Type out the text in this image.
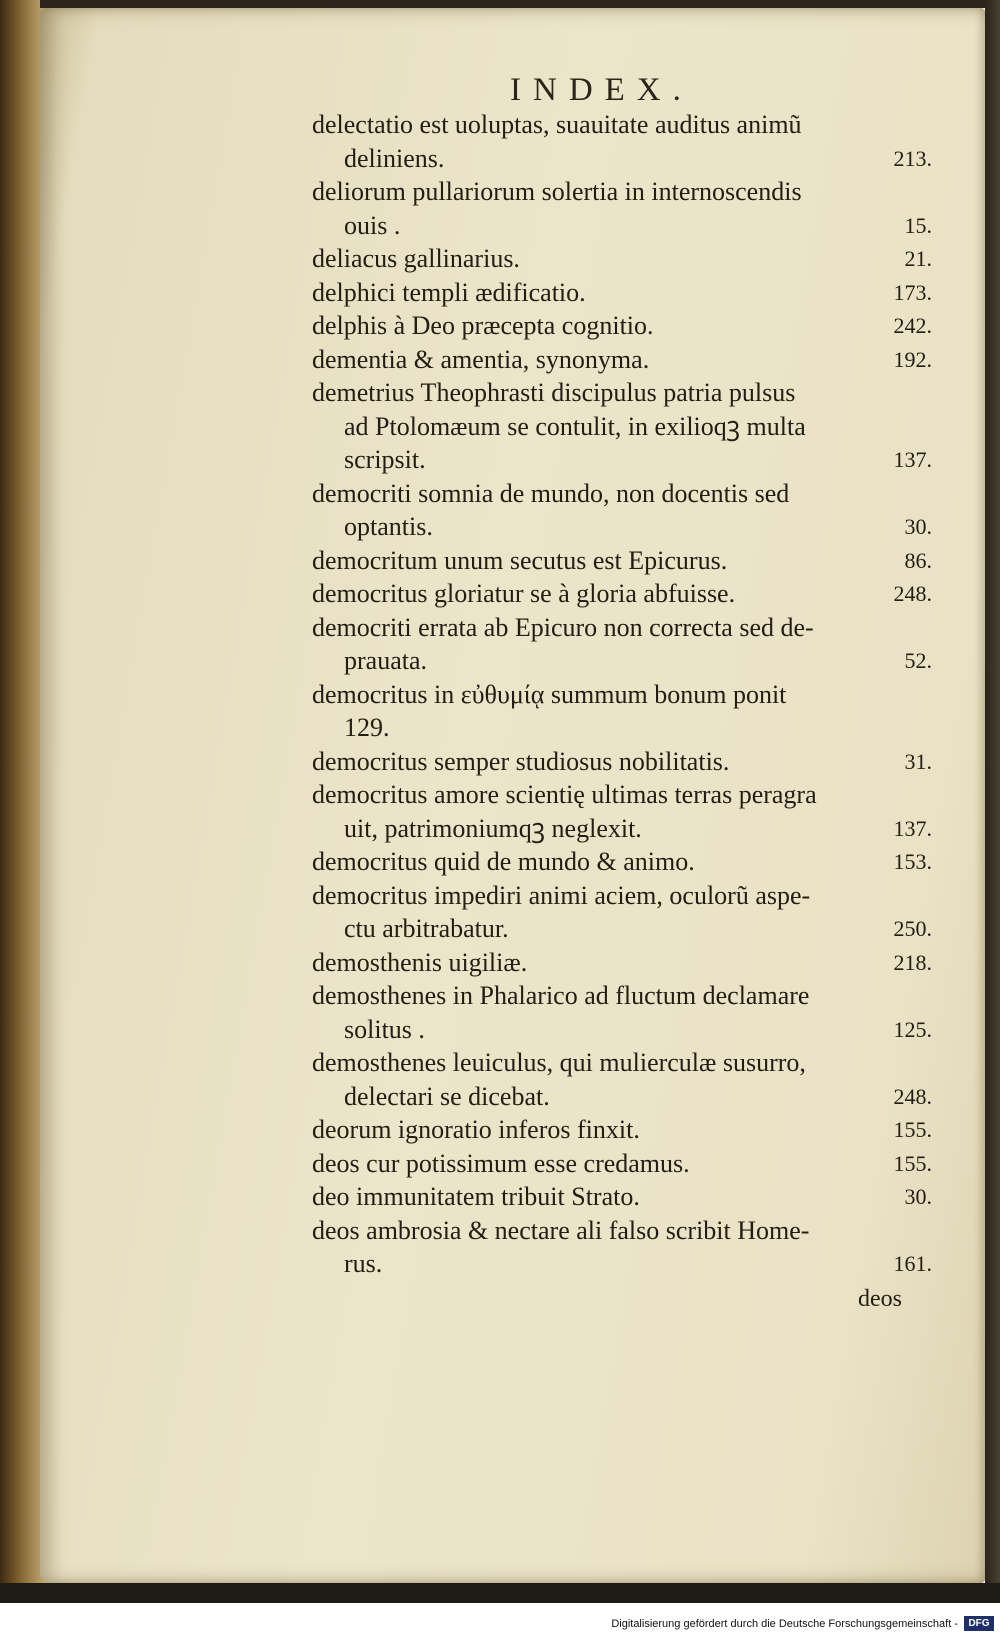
INDEX.
delectatio est uoluptas, suauitate auditus animũ
deliniens.	213.
deliorum pullariorum solertia in internoscendis
ouis .	15.
deliacus gallinarius.	21.
delphici templi ædificatio.	173.
delphis à Deo præcepta cognitio.	242.
dementia & amentia, synonyma.	192.
demetrius Theophrasti discipulus patria pulsus
ad Ptolomæum se contulit, in exilioqꝫ multa
scripsit.	137.
democriti somnia de mundo, non docentis sed
optantis.	30.
democritum unum secutus est Epicurus.	86.
democritus gloriatur se à gloria abfuisse.	248.
democriti errata ab Epicuro non correcta sed de-
prauata.	52.
democritus in εὐθυμίᾳ summum bonum ponit
129.
democritus semper studiosus nobilitatis.	31.
democritus amore scientię ultimas terras peragra
uit, patrimoniumqꝫ neglexit.	137.
democritus quid de mundo & animo.	153.
democritus impediri animi aciem, oculorũ aspe-
ctu arbitrabatur.	250.
demosthenis uigiliæ.	218.
demosthenes in Phalarico ad fluctum declamare
solitus .	125.
demosthenes leuiculus, qui mulierculæ susurro,
delectari se dicebat.	248.
deorum ignoratio inferos finxit.	155.
deos cur potissimum esse credamus.	155.
deo immunitatem tribuit Strato.	30.
deos ambrosia & nectare ali falso scribit Home-
rus.	161.
deos
Digitalisierung gefördert durch die Deutsche Forschungsgemeinschaft -	DFG
